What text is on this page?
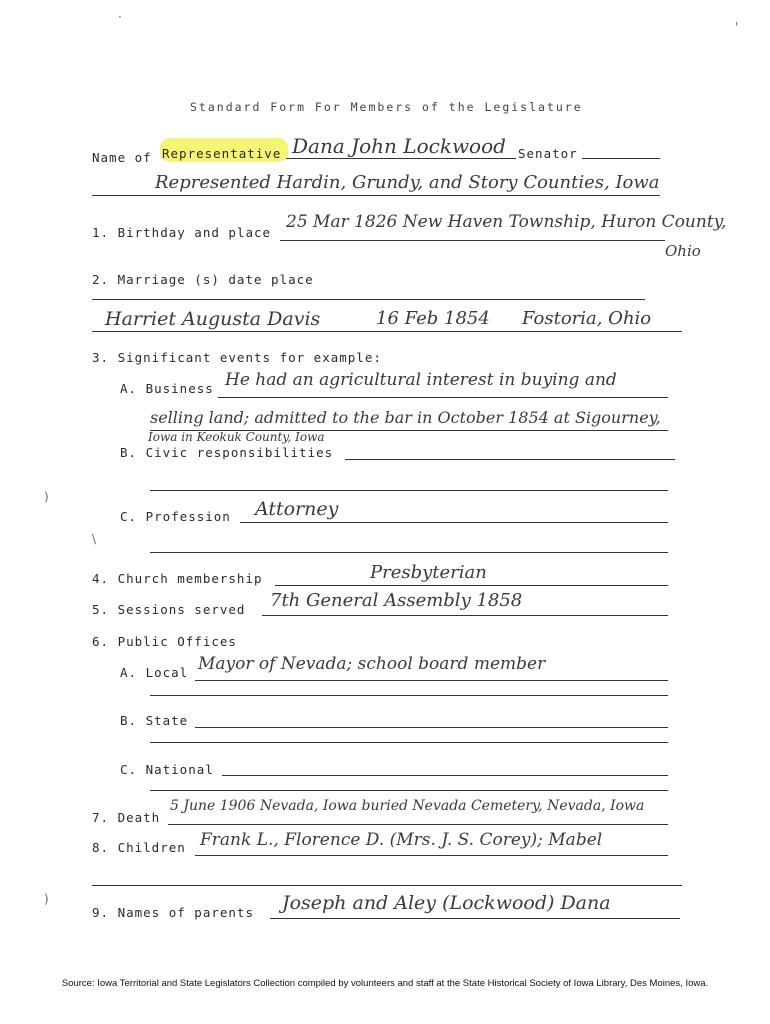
·
'
)
)
\
Standard Form For Members of the Legislature
Name of Representative Dana John Lockwood Senator
Represented Hardin, Grundy, and Story Counties, Iowa
1. Birthday and place
25 Mar 1826 New Haven Township, Huron County,
Ohio
2. Marriage (s) date place
Harriet Augusta Davis	16 Feb 1854 Fostoria, Ohio
3. Significant events for example:
A. Business He had an agricultural interest in buying and
selling land; admitted to the bar in October 1854 at Sigourney,
Iowa in Keokuk County, Iowa
B. Civic responsibilities
C. Profession Attorney
4. Church membership	Presbyterian
5. Sessions served 7th General Assembly 1858
6. Public Offices
A. Local Mayor of Nevada; school board member
B. State
C. National
7. Death
5 June 1906 Nevada, Iowa buried Nevada Cemetery, Nevada, Iowa
8. Children Frank L., Florence D. (Mrs. J. S. Corey); Mabel
9. Names of parents Joseph and Aley (Lockwood) Dana
Source: Iowa Territorial and State Legislators Collection compiled by volunteers and staff at the State Historical Society of Iowa Library, Des Moines, Iowa.
